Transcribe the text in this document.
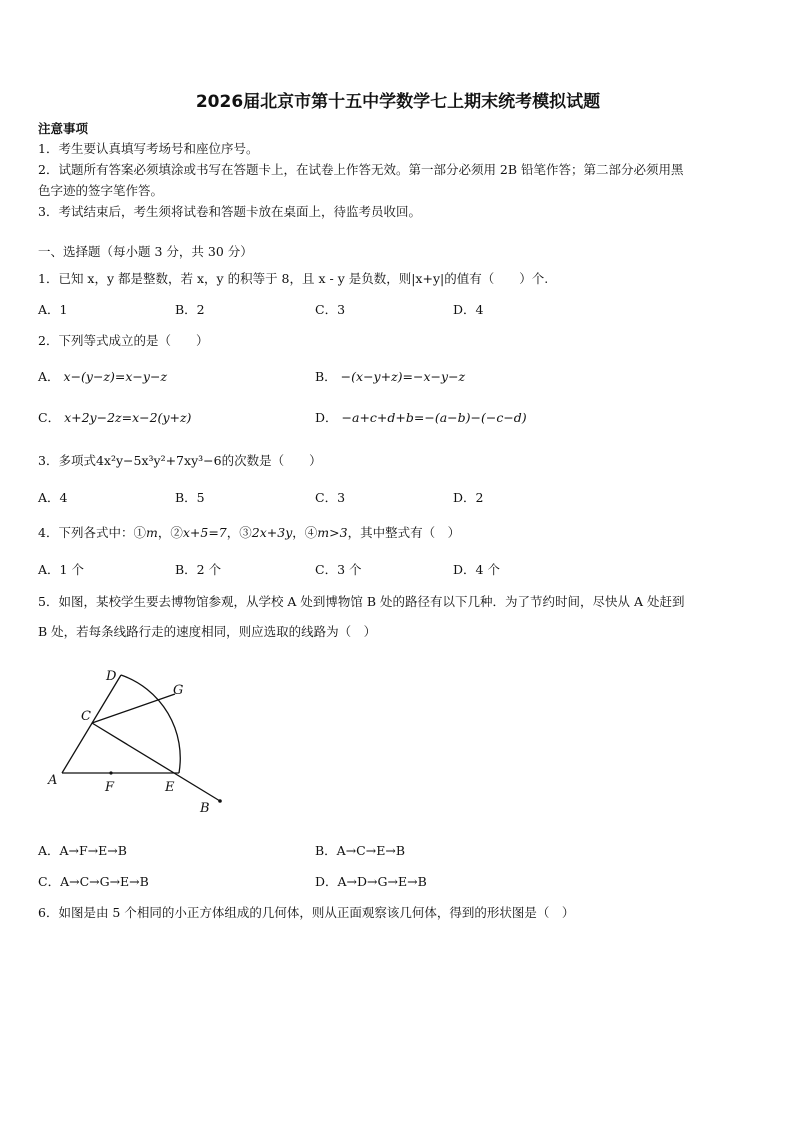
2026届北京市第十五中学数学七上期末统考模拟试题
注意事项
1．考生要认真填写考场号和座位序号。
2．试题所有答案必须填涂或书写在答题卡上，在试卷上作答无效。第一部分必须用 2B 铅笔作答；第二部分必须用黑
色字迹的签字笔作答。
3．考试结束后，考生须将试卷和答题卡放在桌面上，待监考员收回。
一、选择题（每小题 3 分，共 30 分）
1．已知 x，y 都是整数，若 x，y 的积等于 8，且 x - y 是负数，则|x+y|的值有（　　）个.
A．1	B．2	C．3	D．4
2．下列等式成立的是（　　）
A． x−(y−z)=x−y−z	B． −(x−y+z)=−x−y−z
C． x+2y−2z=x−2(y+z)	D． −a+c+d+b=−(a−b)−(−c−d)
3．多项式4x²y−5x³y²+7xy³−6的次数是（　　）
A．4	B．5	C．3	D．2
4．下列各式中：①m，②x+5=7，③2x+3y，④m>3，其中整式有（　）
A．1 个	B．2 个	C．3 个	D．4 个
5．如图，某校学生要去博物馆参观，从学校 A 处到博物馆 B 处的路径有以下几种．为了节约时间，尽快从 A 处赶到
B 处，若每条线路行走的速度相同，则应选取的线路为（　）
D
G
C
A	F	E
B
A．A→F→E→B	B．A→C→E→B
C．A→C→G→E→B	D．A→D→G→E→B
6．如图是由 5 个相同的小正方体组成的几何体，则从正面观察该几何体，得到的形状图是（　）
